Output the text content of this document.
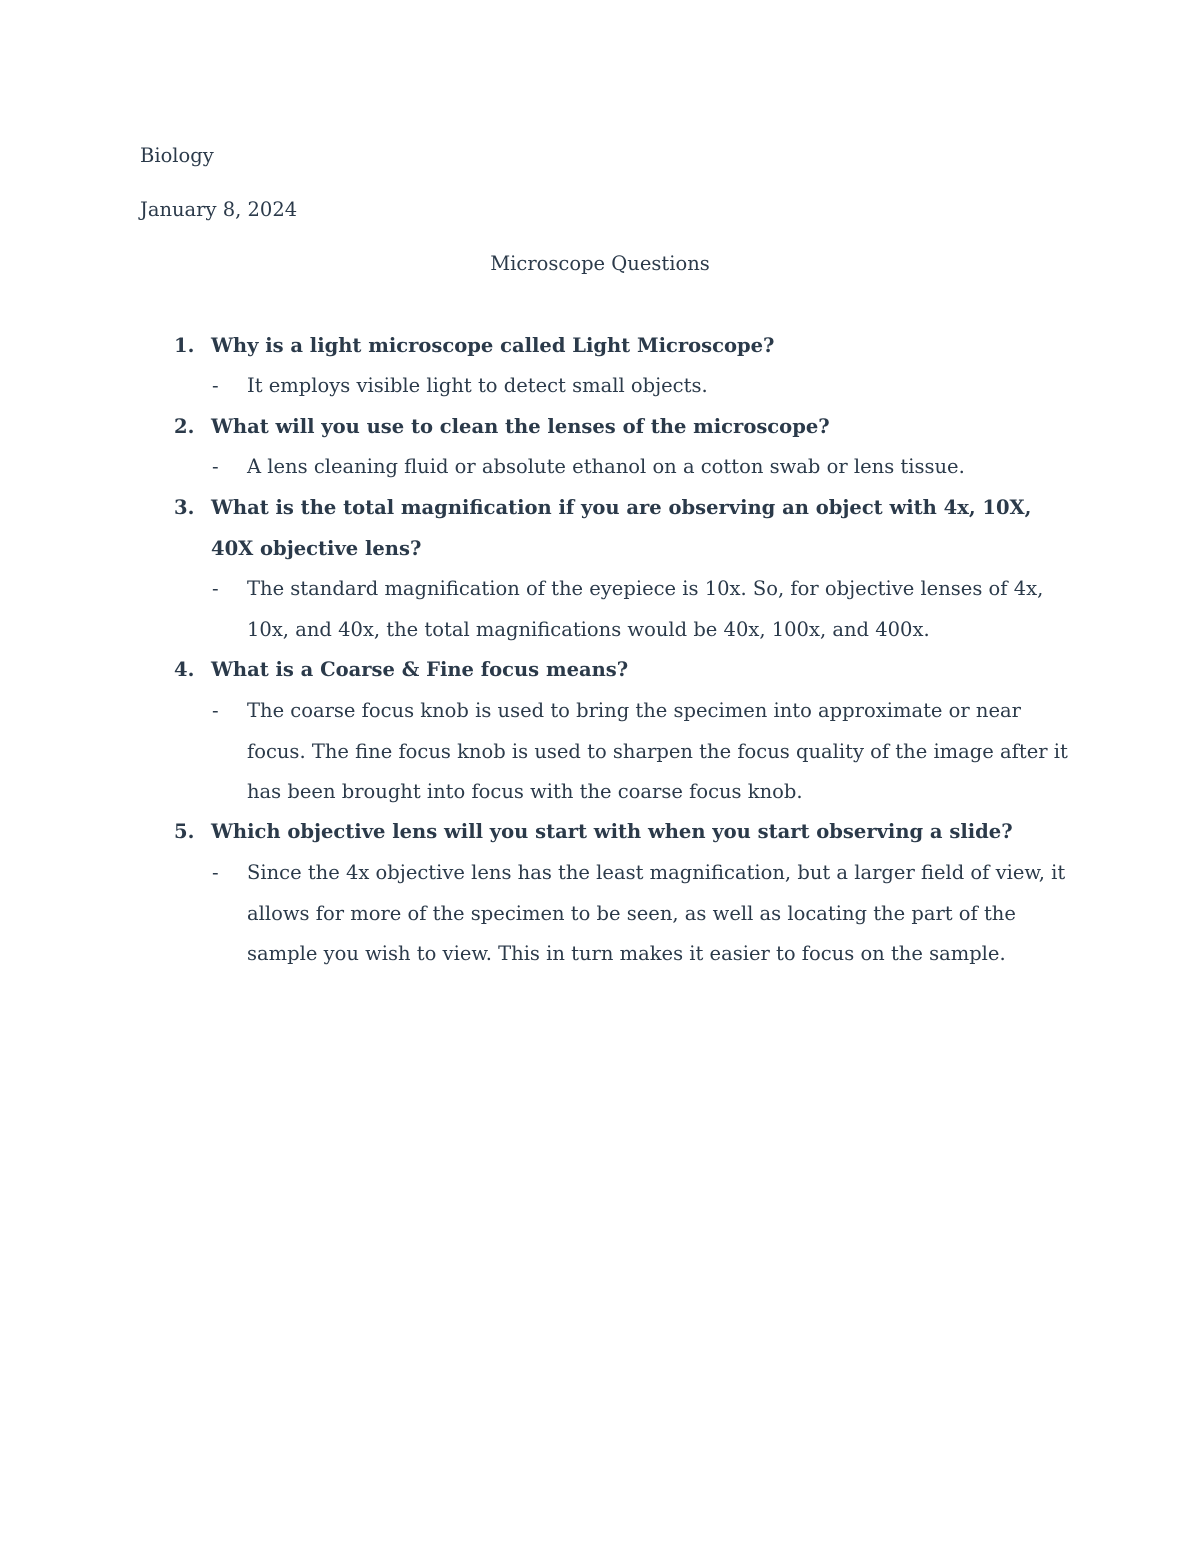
Biology
January 8, 2024
Microscope Questions
1. Why is a light microscope called Light Microscope?
- It employs visible light to detect small objects.
2. What will you use to clean the lenses of the microscope?
- A lens cleaning fluid or absolute ethanol on a cotton swab or lens tissue.
3. What is the total magnification if you are observing an object with 4x, 10X, 40X objective lens?
- The standard magnification of the eyepiece is 10x. So, for objective lenses of 4x, 10x, and 40x, the total magnifications would be 40x, 100x, and 400x.
4. What is a Coarse & Fine focus means?
- The coarse focus knob is used to bring the specimen into approximate or near focus. The fine focus knob is used to sharpen the focus quality of the image after it has been brought into focus with the coarse focus knob.
5. Which objective lens will you start with when you start observing a slide?
- Since the 4x objective lens has the least magnification, but a larger field of view, it allows for more of the specimen to be seen, as well as locating the part of the sample you wish to view. This in turn makes it easier to focus on the sample.
